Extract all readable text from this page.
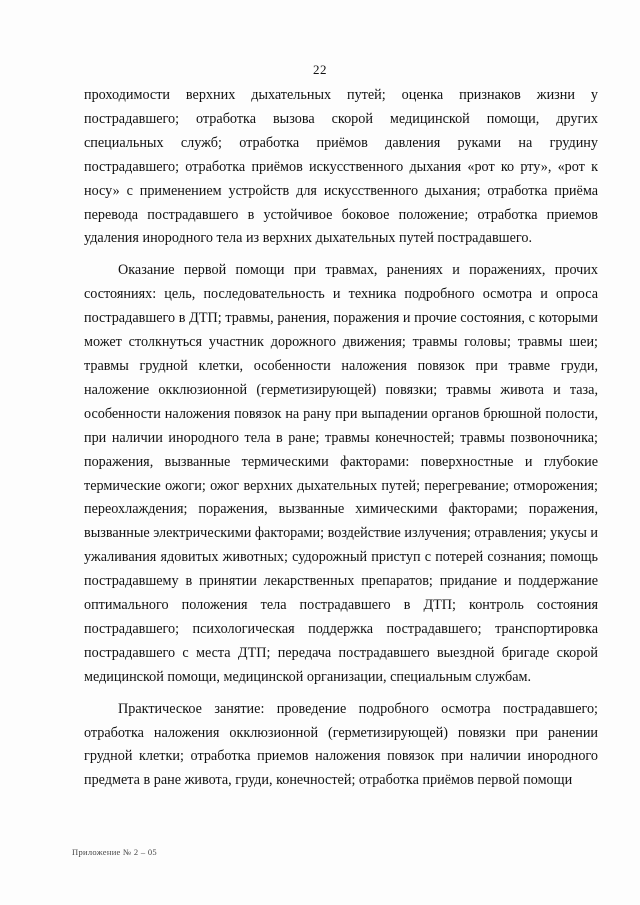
22

проходимости верхних дыхательных путей; оценка признаков жизни у пострадавшего; отработка вызова скорой медицинской помощи, других специальных служб; отработка приёмов давления руками на грудину пострадавшего; отработка приёмов искусственного дыхания «рот ко рту», «рот к носу» с применением устройств для искусственного дыхания; отработка приёма перевода пострадавшего в устойчивое боковое положение; отработка приемов удаления инородного тела из верхних дыхательных путей пострадавшего.

Оказание первой помощи при травмах, ранениях и поражениях, прочих состояниях: цель, последовательность и техника подробного осмотра и опроса пострадавшего в ДТП; травмы, ранения, поражения и прочие состояния, с которыми может столкнуться участник дорожного движения; травмы головы; травмы шеи; травмы грудной клетки, особенности наложения повязок при травме груди, наложение окклюзионной (герметизирующей) повязки; травмы живота и таза, особенности наложения повязок на рану при выпадении органов брюшной полости, при наличии инородного тела в ране; травмы конечностей; травмы позвоночника; поражения, вызванные термическими факторами: поверхностные и глубокие термические ожоги; ожог верхних дыхательных путей; перегревание; отморожения; переохлаждения; поражения, вызванные химическими факторами; поражения, вызванные электрическими факторами; воздействие излучения; отравления; укусы и ужаливания ядовитых животных; судорожный приступ с потерей сознания; помощь пострадавшему в принятии лекарственных препаратов; придание и поддержание оптимального положения тела пострадавшего в ДТП; контроль состояния пострадавшего; психологическая поддержка пострадавшего; транспортировка пострадавшего с места ДТП; передача пострадавшего выездной бригаде скорой медицинской помощи, медицинской организации, специальным службам.

Практическое занятие: проведение подробного осмотра пострадавшего; отработка наложения окклюзионной (герметизирующей) повязки при ранении грудной клетки; отработка приемов наложения повязок при наличии инородного предмета в ране живота, груди, конечностей; отработка приёмов первой помощи

Приложение № 2 – 05
